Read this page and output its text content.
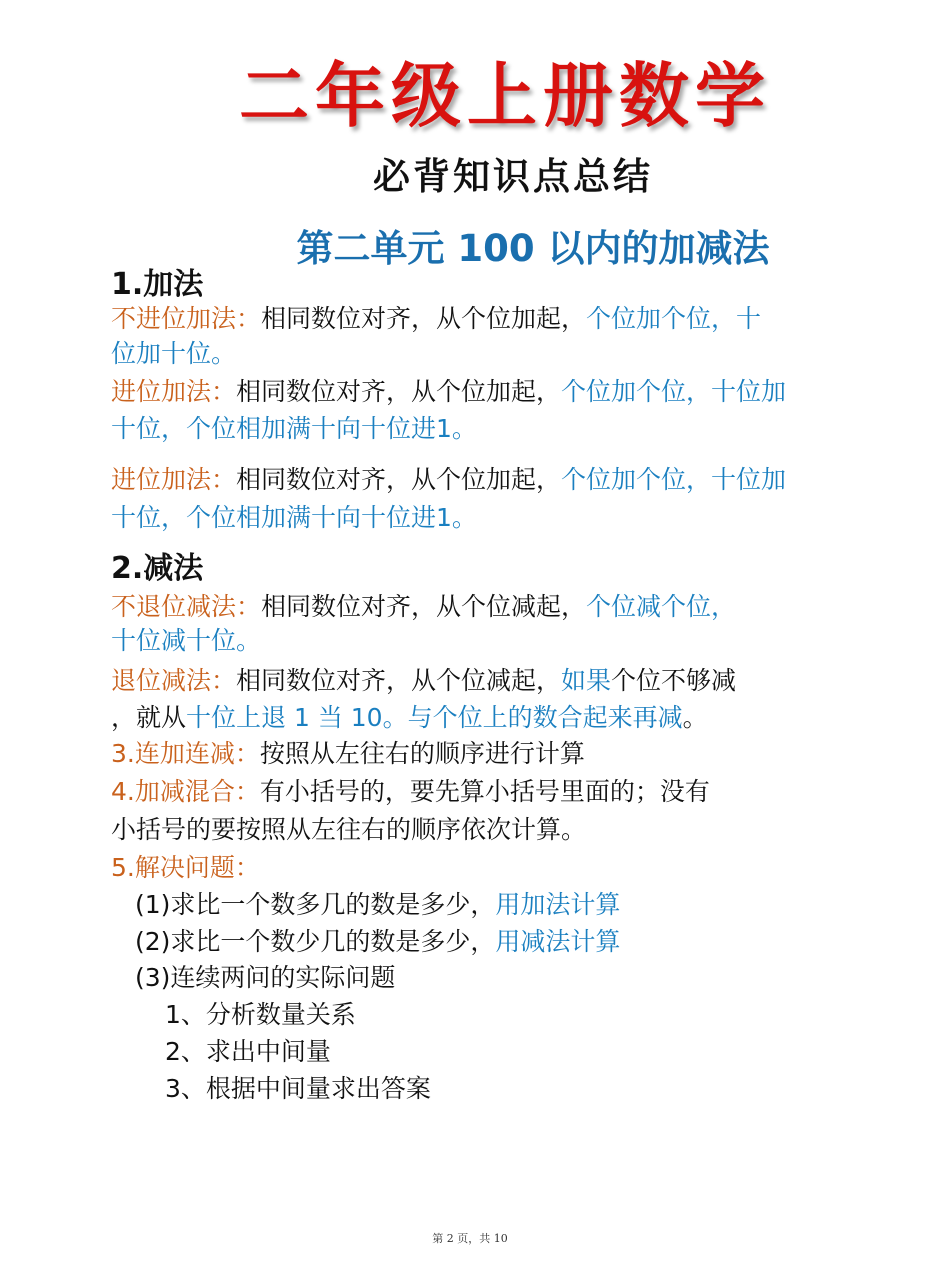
二年级上册数学
必背知识点总结
第二单元 100 以内的加减法
1.加法
不进位加法：相同数位对齐，从个位加起，个位加个位，十
位加十位。
进位加法：相同数位对齐，从个位加起，个位加个位，十位加
十位，个位相加满十向十位进1。
进位加法：相同数位对齐，从个位加起，个位加个位，十位加
十位，个位相加满十向十位进1。
2.减法
不退位减法：相同数位对齐，从个位减起，个位减个位，
十位减十位。
退位减法：相同数位对齐，从个位减起，如果个位不够减
，就从十位上退 1 当 10。与个位上的数合起来再减。
3.连加连减：按照从左往右的顺序进行计算
4.加减混合：有小括号的，要先算小括号里面的；没有
小括号的要按照从左往右的顺序依次计算。
5.解决问题：
(1)求比一个数多几的数是多少，用加法计算
(2)求比一个数少几的数是多少，用减法计算
(3)连续两问的实际问题
1、分析数量关系
2、求出中间量
3、根据中间量求出答案
第 2 页，共 10
